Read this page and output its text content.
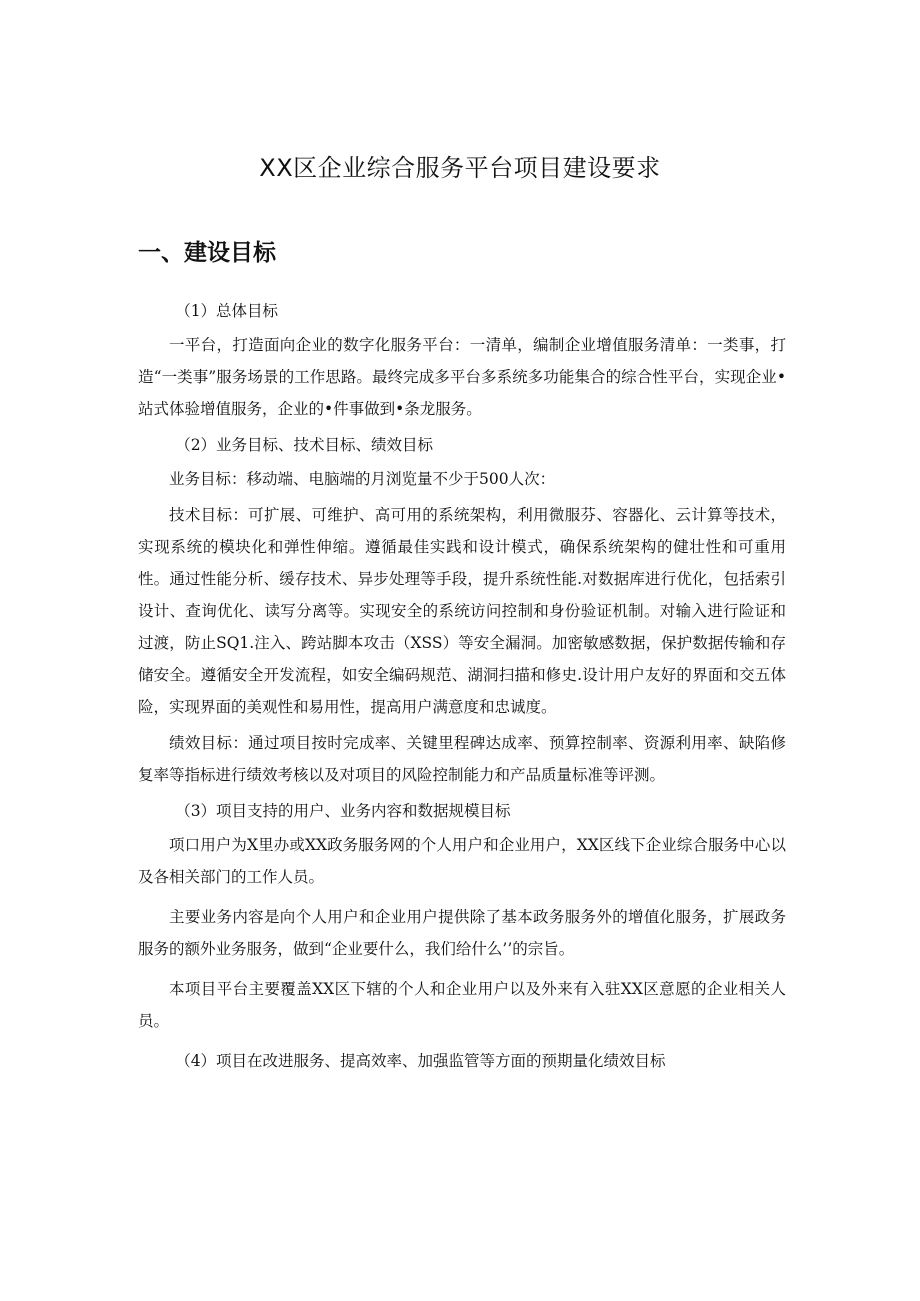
XX区企业综合服务平台项目建设要求
一、建设目标

（1）总体目标

一平台，打造面向企业的数字化服务平台：一清单，编制企业增值服务清单：一类事，打造“一类事”服务场景的工作思路。最终完成多平台多系统多功能集合的综合性平台，实现企业•站式体验增值服务，企业的•件事做到•条龙服务。

（2）业务目标、技术目标、绩效目标

业务目标：移动端、电脑端的月浏览量不少于500人次：

技术目标：可扩展、可维护、高可用的系统架构，利用微服芬、容器化、云计算等技术，实现系统的模块化和弹性伸缩。遵循最佳实践和设计模式，确保系统架构的健壮性和可重用性。通过性能分析、缓存技术、异步处理等手段，提升系统性能.对数据库进行优化，包括索引设计、查询优化、读写分离等。实现安全的系统访问控制和身份验证机制。对输入进行险证和过渡，防止SQ1.注入、跨站脚本攻击（XSS）等安全漏洞。加密敏感数据，保护数据传输和存储安全。遵循安全开发流程，如安全编码规范、湖洞扫描和修史.设计用户友好的界面和交五体险，实现界面的美观性和易用性，提高用户满意度和忠诚度。

绩效目标：通过项目按时完成率、关键里程碑达成率、预算控制率、资源利用率、缺陷修复率等指标进行绩效考核以及对项目的风险控制能力和产品质量标准等评测。

（3）项目支持的用户、业务内容和数据规模目标

项口用户为X里办或XX政务服务网的个人用户和企业用户，XX区线下企业综合服务中心以及各相关部门的工作人员。

主要业务内容是向个人用户和企业用户提供除了基本政务服务外的增值化服务，扩展政务服务的额外业务服务，做到“企业要什么，我们给什么’’的宗旨。

本项目平台主要覆盖XX区下辖的个人和企业用户以及外来有入驻XX区意愿的企业相关人员。

（4）项目在改进服务、提高效率、加强监管等方面的预期量化绩效目标
